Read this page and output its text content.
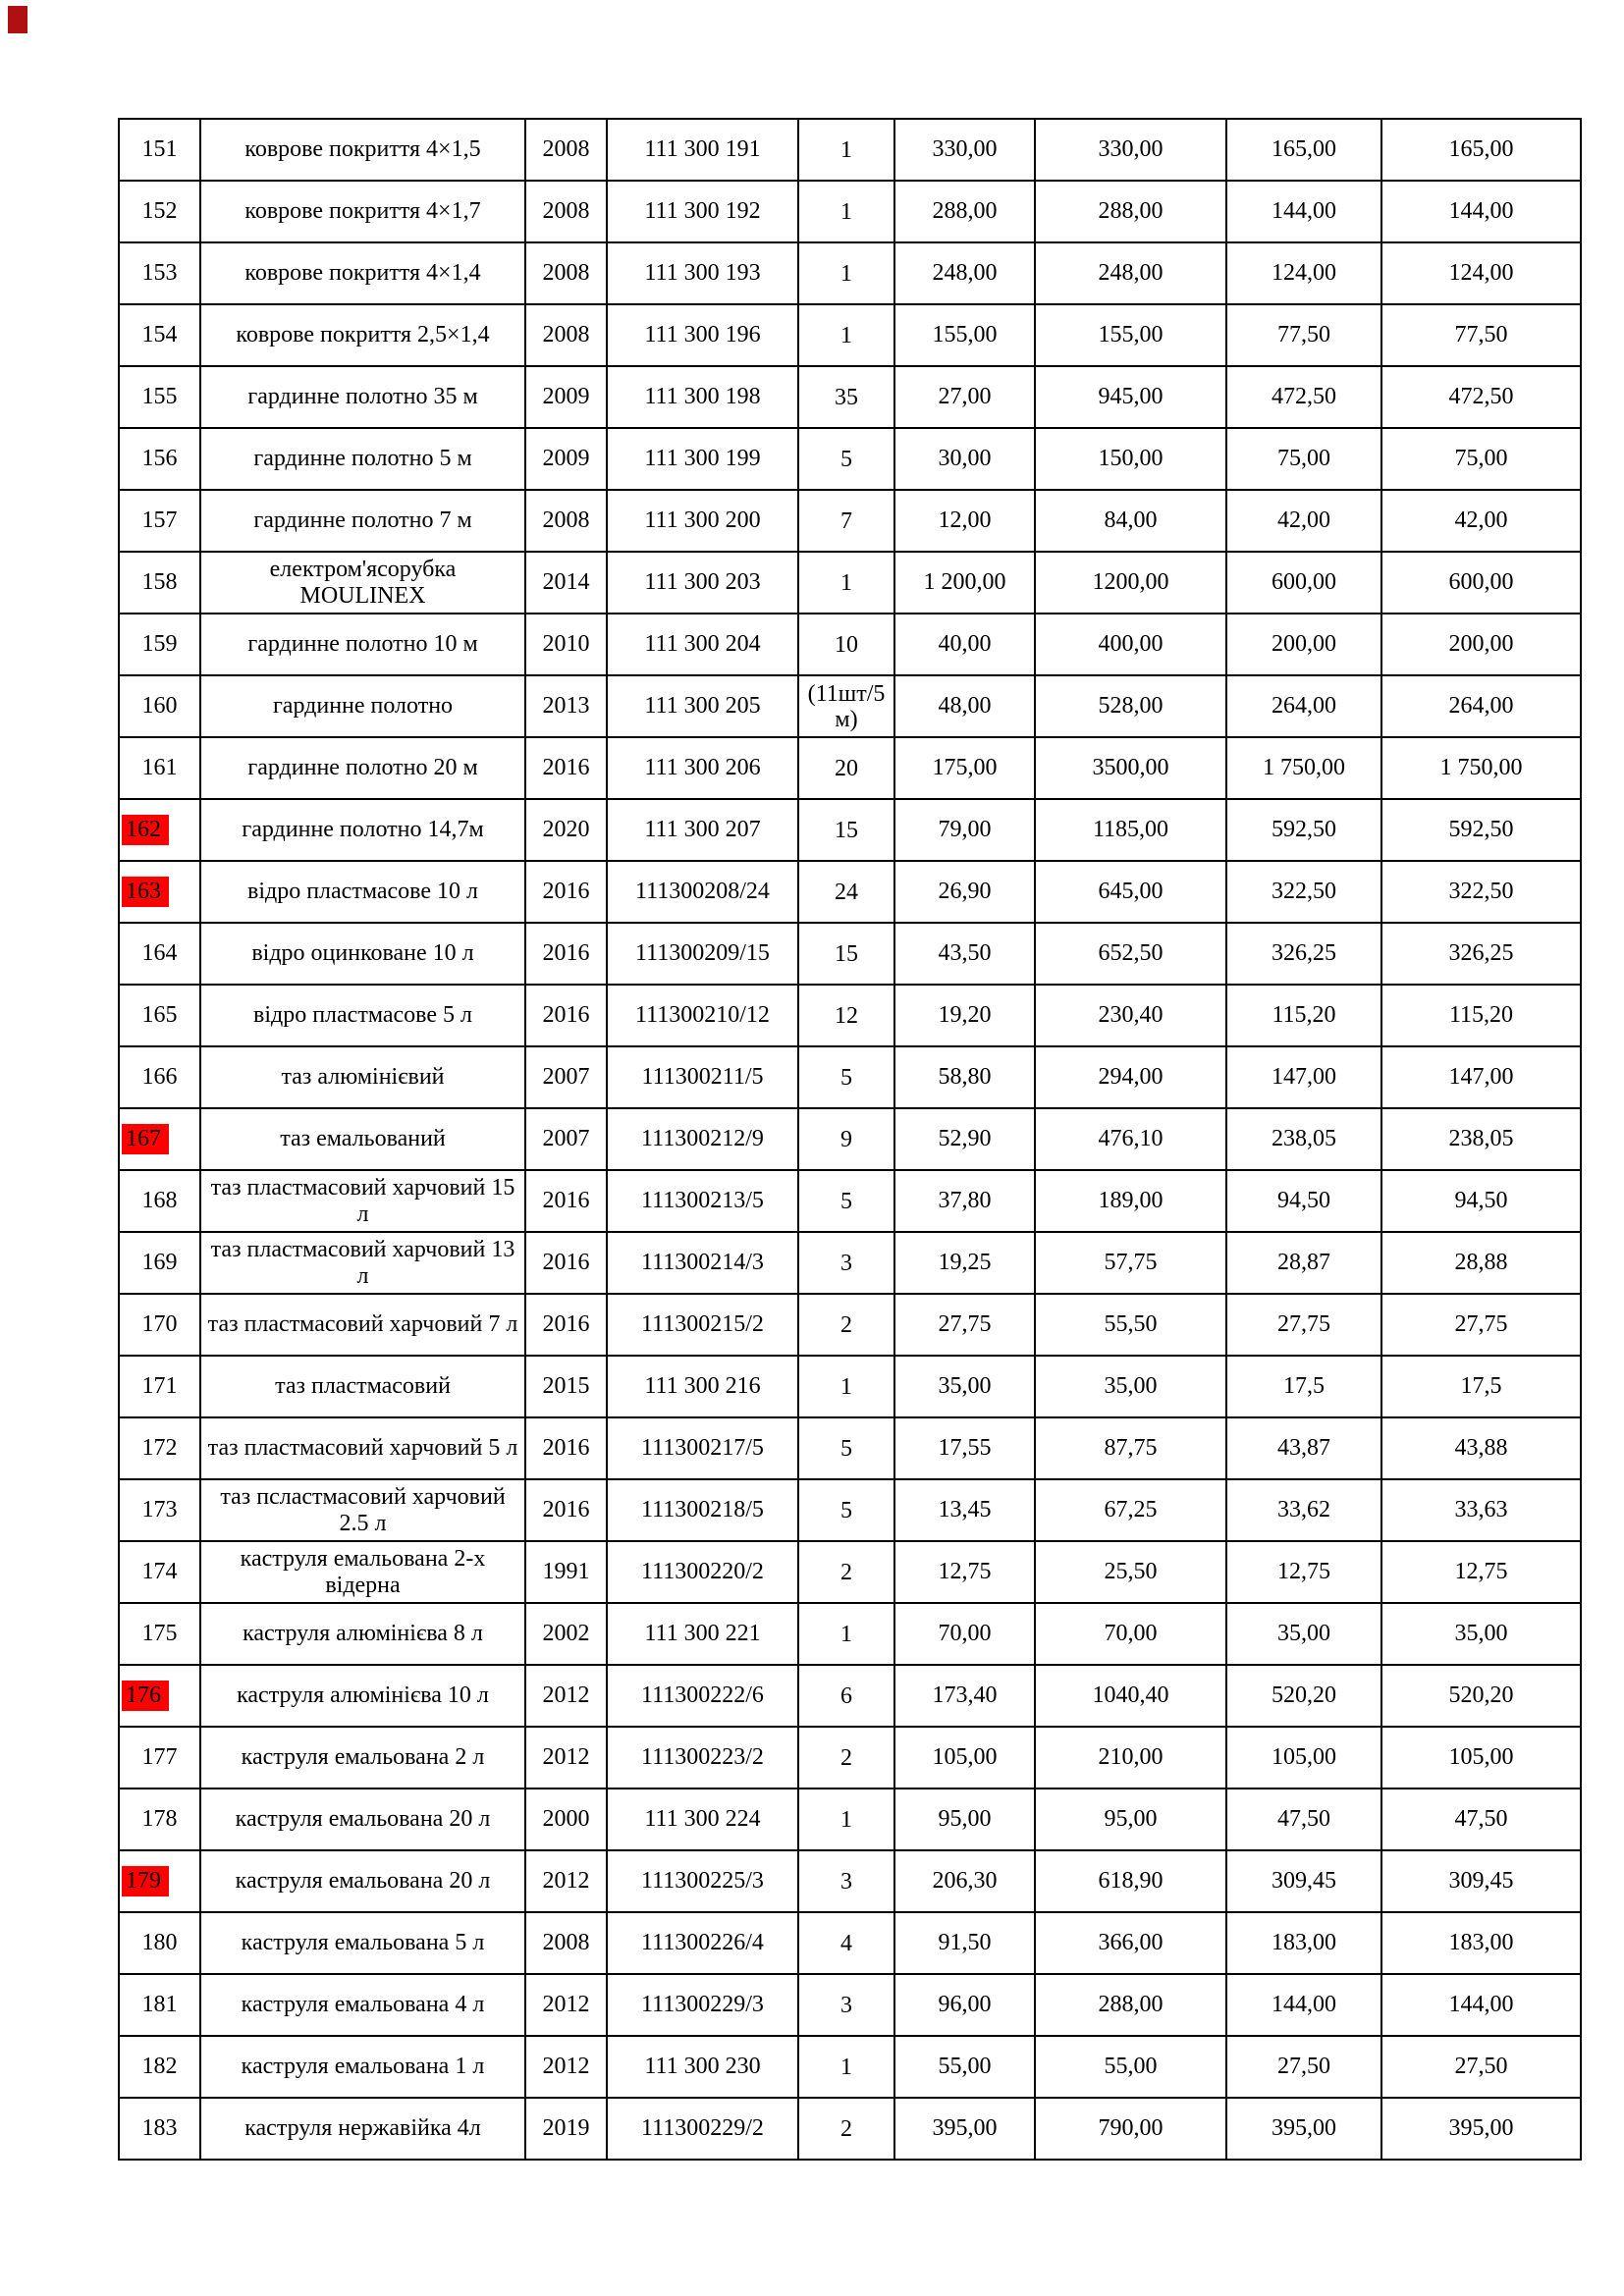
151	коврове покриття 4×1,5	2008	111 300 191	1	330,00	330,00	165,00	165,00
152	коврове покриття 4×1,7	2008	111 300 192	1	288,00	288,00	144,00	144,00
153	коврове покриття 4×1,4	2008	111 300 193	1	248,00	248,00	124,00	124,00
154	коврове покриття 2,5×1,4	2008	111 300 196	1	155,00	155,00	77,50	77,50
155	гардинне полотно 35 м	2009	111 300 198	35	27,00	945,00	472,50	472,50
156	гардинне полотно 5 м	2009	111 300 199	5	30,00	150,00	75,00	75,00
157	гардинне полотно 7 м	2008	111 300 200	7	12,00	84,00	42,00	42,00
158	електром'ясорубка MOULINEX	2014	111 300 203	1	1 200,00	1200,00	600,00	600,00
159	гардинне полотно 10 м	2010	111 300 204	10	40,00	400,00	200,00	200,00
160	гардинне полотно	2013	111 300 205	(11шт/5м)	48,00	528,00	264,00	264,00
161	гардинне полотно 20 м	2016	111 300 206	20	175,00	3500,00	1 750,00	1 750,00
162	гардинне полотно 14,7м	2020	111 300 207	15	79,00	1185,00	592,50	592,50
163	відро пластмасове 10 л	2016	111300208/24	24	26,90	645,00	322,50	322,50
164	відро оцинковане 10 л	2016	111300209/15	15	43,50	652,50	326,25	326,25
165	відро пластмасове 5 л	2016	111300210/12	12	19,20	230,40	115,20	115,20
166	таз алюмінієвий	2007	111300211/5	5	58,80	294,00	147,00	147,00
167	таз емальований	2007	111300212/9	9	52,90	476,10	238,05	238,05
168	таз пластмасовий харчовий 15 л	2016	111300213/5	5	37,80	189,00	94,50	94,50
169	таз пластмасовий харчовий 13 л	2016	111300214/3	3	19,25	57,75	28,87	28,88
170	таз пластмасовий харчовий 7 л	2016	111300215/2	2	27,75	55,50	27,75	27,75
171	таз пластмасовий	2015	111 300 216	1	35,00	35,00	17,5	17,5
172	таз пластмасовий харчовий 5 л	2016	111300217/5	5	17,55	87,75	43,87	43,88
173	таз псластмасовий харчовий 2.5 л	2016	111300218/5	5	13,45	67,25	33,62	33,63
174	каструля емальована 2-х відерна	1991	111300220/2	2	12,75	25,50	12,75	12,75
175	каструля алюмінієва 8 л	2002	111 300 221	1	70,00	70,00	35,00	35,00
176	каструля алюмінієва 10 л	2012	111300222/6	6	173,40	1040,40	520,20	520,20
177	каструля емальована 2 л	2012	111300223/2	2	105,00	210,00	105,00	105,00
178	каструля емальована 20 л	2000	111 300 224	1	95,00	95,00	47,50	47,50
179	каструля емальована 20 л	2012	111300225/3	3	206,30	618,90	309,45	309,45
180	каструля емальована 5 л	2008	111300226/4	4	91,50	366,00	183,00	183,00
181	каструля емальована 4 л	2012	111300229/3	3	96,00	288,00	144,00	144,00
182	каструля емальована 1 л	2012	111 300 230	1	55,00	55,00	27,50	27,50
183	каструля нержавійка 4л	2019	111300229/2	2	395,00	790,00	395,00	395,00
